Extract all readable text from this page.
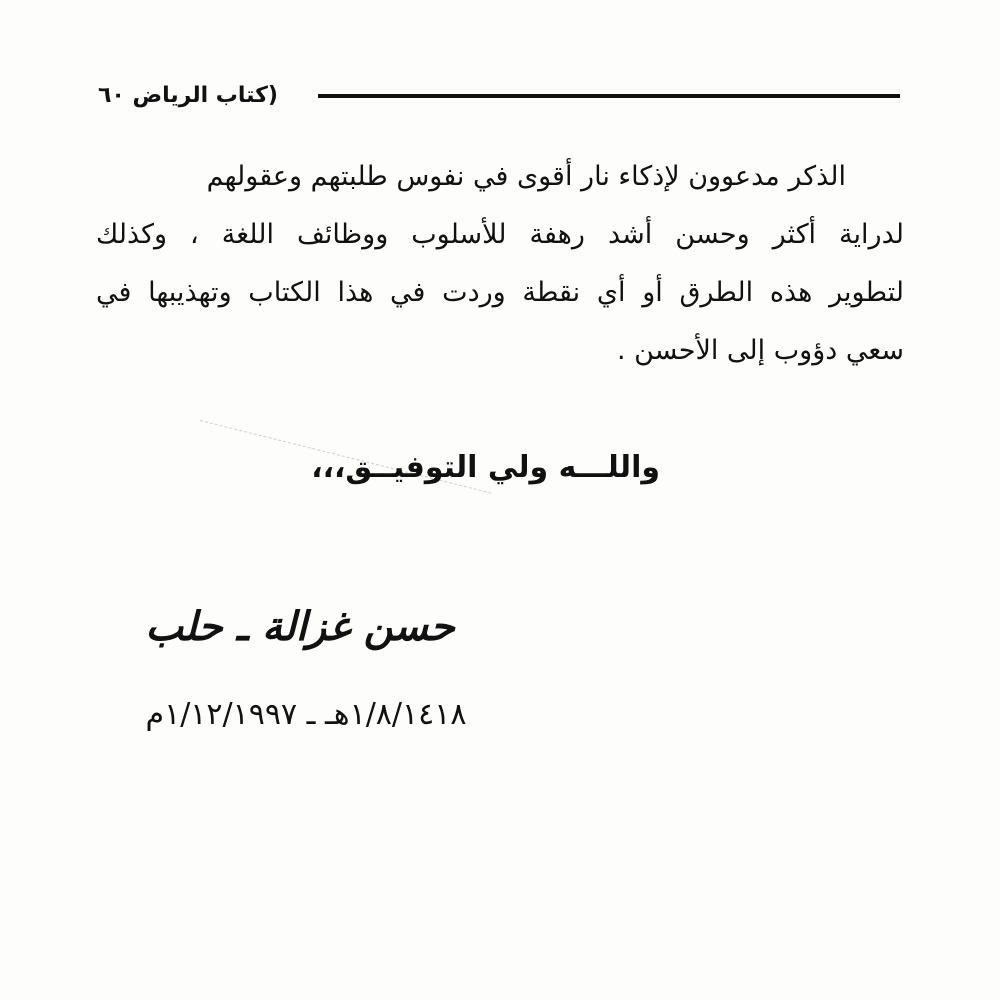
(كتاب الرياض ٦٠
الذكر مدعوون لإذكاء نار أقوى في نفوس طلبتهم وعقولهم
لدراية أكثر وحسن أشد رهفة للأسلوب ووظائف اللغة ، وكذلك
لتطوير هذه الطرق أو أي نقطة وردت في هذا الكتاب وتهذيبها في
سعي دؤوب إلى الأحسن .
واللـــه ولي التوفيــق،،،
حسن غزالة ـ حلب
١/٨/١٤١٨هـ ـ ١/١٢/١٩٩٧م
